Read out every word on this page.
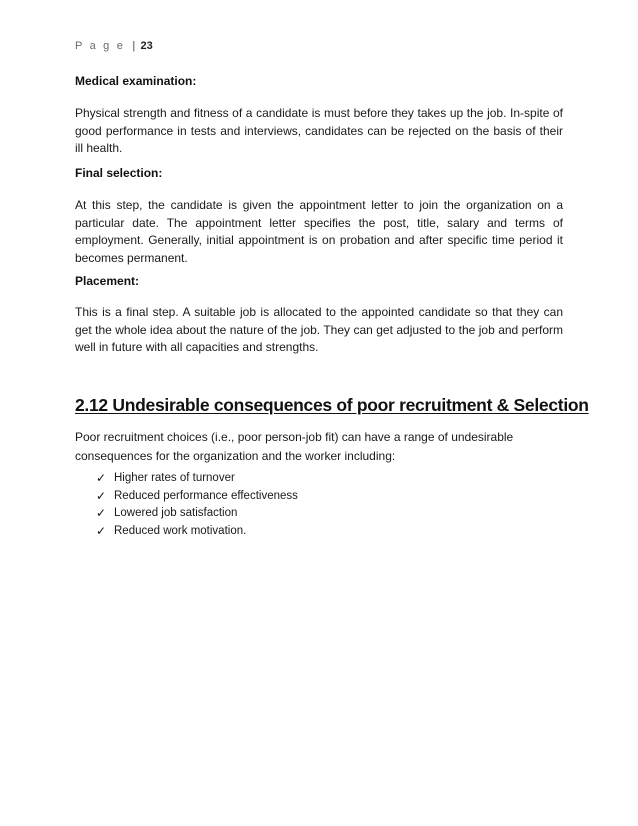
P a g e | 23
Medical examination:
Physical strength and fitness of a candidate is must before they takes up the job. In-spite of good performance in tests and interviews, candidates can be rejected on the basis of their ill health.
Final selection:
At this step, the candidate is given the appointment letter to join the organization on a particular date. The appointment letter specifies the post, title, salary and terms of employment. Generally, initial appointment is on probation and after specific time period it becomes permanent.
Placement:
This is a final step. A suitable job is allocated to the appointed candidate so that they can get the whole idea about the nature of the job. They can get adjusted to the job and perform well in future with all capacities and strengths.
2.12 Undesirable consequences of poor recruitment & Selection
Poor recruitment choices (i.e., poor person-job fit) can have a range of undesirable consequences for the organization and the worker including:
✓ Higher rates of turnover
✓ Reduced performance effectiveness
✓ Lowered job satisfaction
✓ Reduced work motivation.
